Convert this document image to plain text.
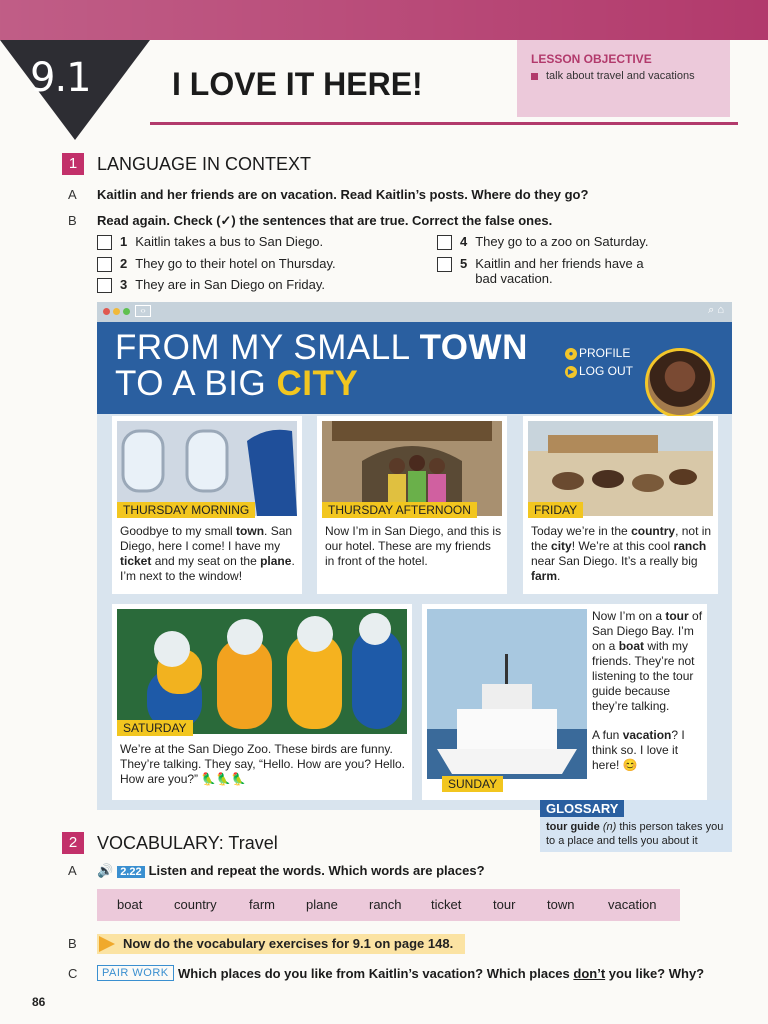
9.1	I LOVE IT HERE!
LESSON OBJECTIVE
talk about travel and vacations
1	LANGUAGE IN CONTEXT
A Kaitlin and her friends are on vacation. Read Kaitlin’s posts. Where do they go?
B Read again. Check (✓) the sentences that are true. Correct the false ones.
1 Kaitlin takes a bus to San Diego.
2 They go to their hotel on Thursday.
3 They are in San Diego on Friday.
4 They go to a zoo on Saturday.
5 Kaitlin and her friends have a bad vacation.
‹›	⌕ ⌂
FROM MY SMALL TOWN
TO A BIG CITY
● PROFILE
▶ LOG OUT
THURSDAY MORNING
Goodbye to my small town. San Diego, here I come! I have my ticket and my seat on the plane. I’m next to the window!
THURSDAY AFTERNOON
Now I’m in San Diego, and this is our hotel. These are my friends in front of the hotel.
FRIDAY
Today we’re in the country, not in the city! We’re at this cool ranch near San Diego. It’s a really big farm.
SATURDAY
We’re at the San Diego Zoo. These birds are funny. They’re talking. They say, “Hello. How are you? Hello. How are you?” 🦜🦜🦜	SUNDAY
Now I’m on a tour of San Diego Bay. I’m on a boat with my friends. They’re not listening to the tour guide because they’re talking.
A fun vacation? I think so. I love it here! 😊
GLOSSARY
tour guide (n) this person takes you to a place and tells you about it
2	VOCABULARY: Travel
A 🔊 2.22 Listen and repeat the words. Which words are places?
boat country farm plane ranch ticket tour town	vacation
B	Now do the vocabulary exercises for 9.1 on page 148.
C	PAIR WORK Which places do you like from Kaitlin’s vacation? Which places don’t you like? Why?
86
